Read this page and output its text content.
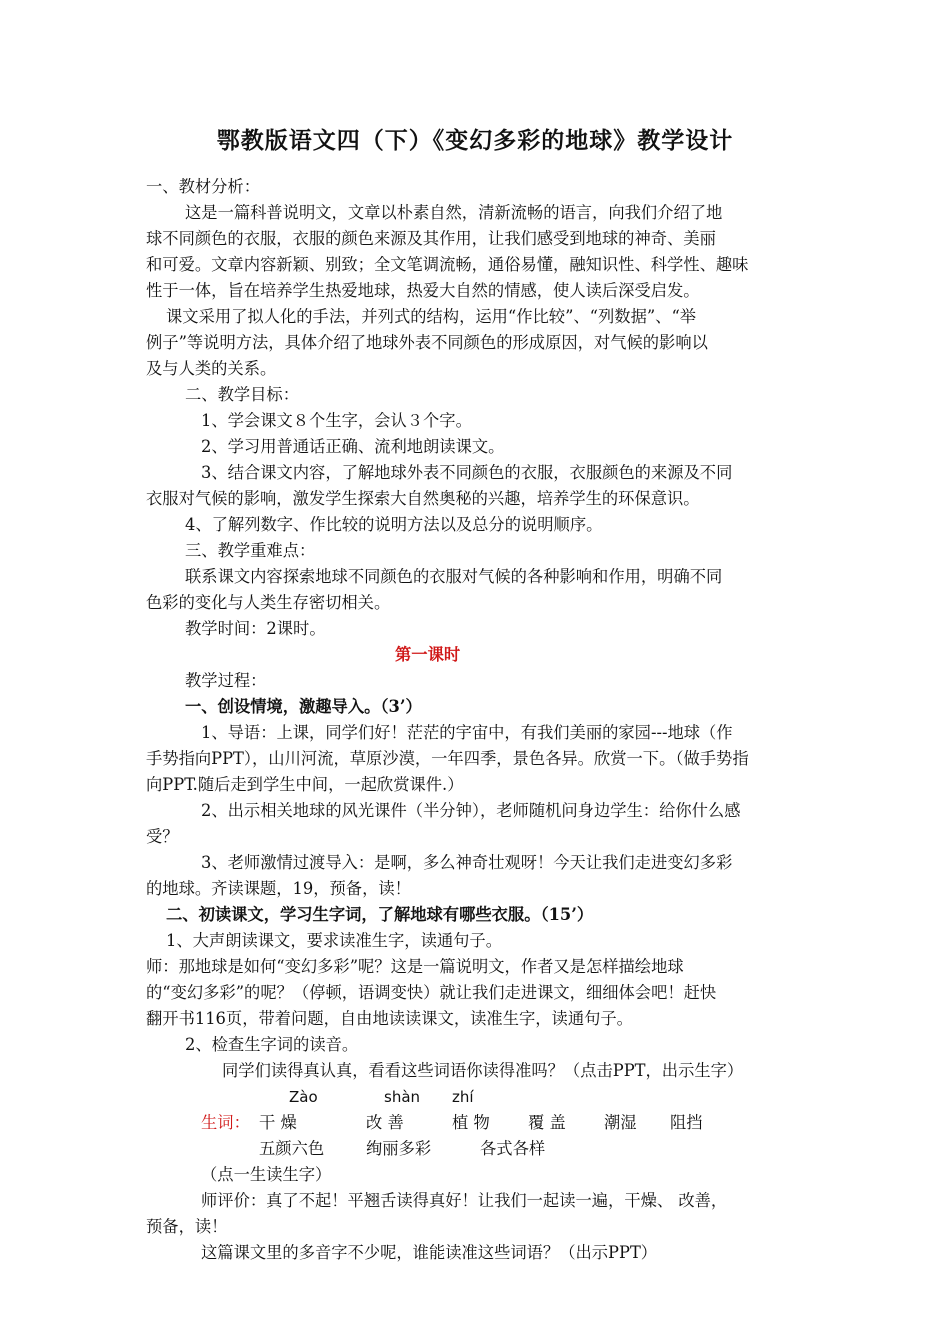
鄂教版语文四（下）《变幻多彩的地球》教学设计
一、教材分析：
这是一篇科普说明文，文章以朴素自然，清新流畅的语言，向我们介绍了地
球不同颜色的衣服，衣服的颜色来源及其作用，让我们感受到地球的神奇、美丽
和可爱。文章内容新颖、别致；全文笔调流畅，通俗易懂，融知识性、科学性、趣味
性于一体，旨在培养学生热爱地球，热爱大自然的情感，使人读后深受启发。
课文采用了拟人化的手法，并列式的结构，运用“作比较”、“列数据”、“举
例子”等说明方法，具体介绍了地球外表不同颜色的形成原因，对气候的影响以
及与人类的关系。
二、教学目标：
1、学会课文８个生字，会认３个字。
2、学习用普通话正确、流利地朗读课文。
3、结合课文内容，了解地球外表不同颜色的衣服，衣服颜色的来源及不同
衣服对气候的影响，激发学生探索大自然奥秘的兴趣，培养学生的环保意识。
4、了解列数字、作比较的说明方法以及总分的说明顺序。
三、教学重难点：
联系课文内容探索地球不同颜色的衣服对气候的各种影响和作用，明确不同
色彩的变化与人类生存密切相关。
教学时间：2课时。
第一课时
教学过程：
一、创设情境，激趣导入。（3’）
1、导语：上课，同学们好！茫茫的宇宙中，有我们美丽的家园---地球（作
手势指向PPT），山川河流，草原沙漠，一年四季，景色各异。欣赏一下。（做手势指
向PPT.随后走到学生中间，一起欣赏课件.）
2、出示相关地球的风光课件（半分钟），老师随机问身边学生：给你什么感
受？
3、老师激情过渡导入：是啊，多么神奇壮观呀！今天让我们走进变幻多彩
的地球。齐读课题，19，预备，读！
二、初读课文，学习生字词，了解地球有哪些衣服。（15’）
1、大声朗读课文，要求读准生字，读通句子。
师：那地球是如何“变幻多彩”呢？这是一篇说明文，作者又是怎样描绘地球
的“变幻多彩”的呢？（停顿，语调变快）就让我们走进课文，细细体会吧！赶快
翻开书116页，带着问题，自由地读读课文，读准生字，读通句子。
2、检查生字词的读音。
同学们读得真认真，看看这些词语你读得准吗？（点击PPT，出示生字）
Zào	shàn zhí
生词： 干 燥	改 善	植 物 覆 盖 潮湿 阻挡
五颜六色	绚丽多彩	各式各样
（点一生读生字）
师评价：真了不起！平翘舌读得真好！让我们一起读一遍，干燥、 改善，
预备，读！
这篇课文里的多音字不少呢，谁能读准这些词语？（出示PPT）
